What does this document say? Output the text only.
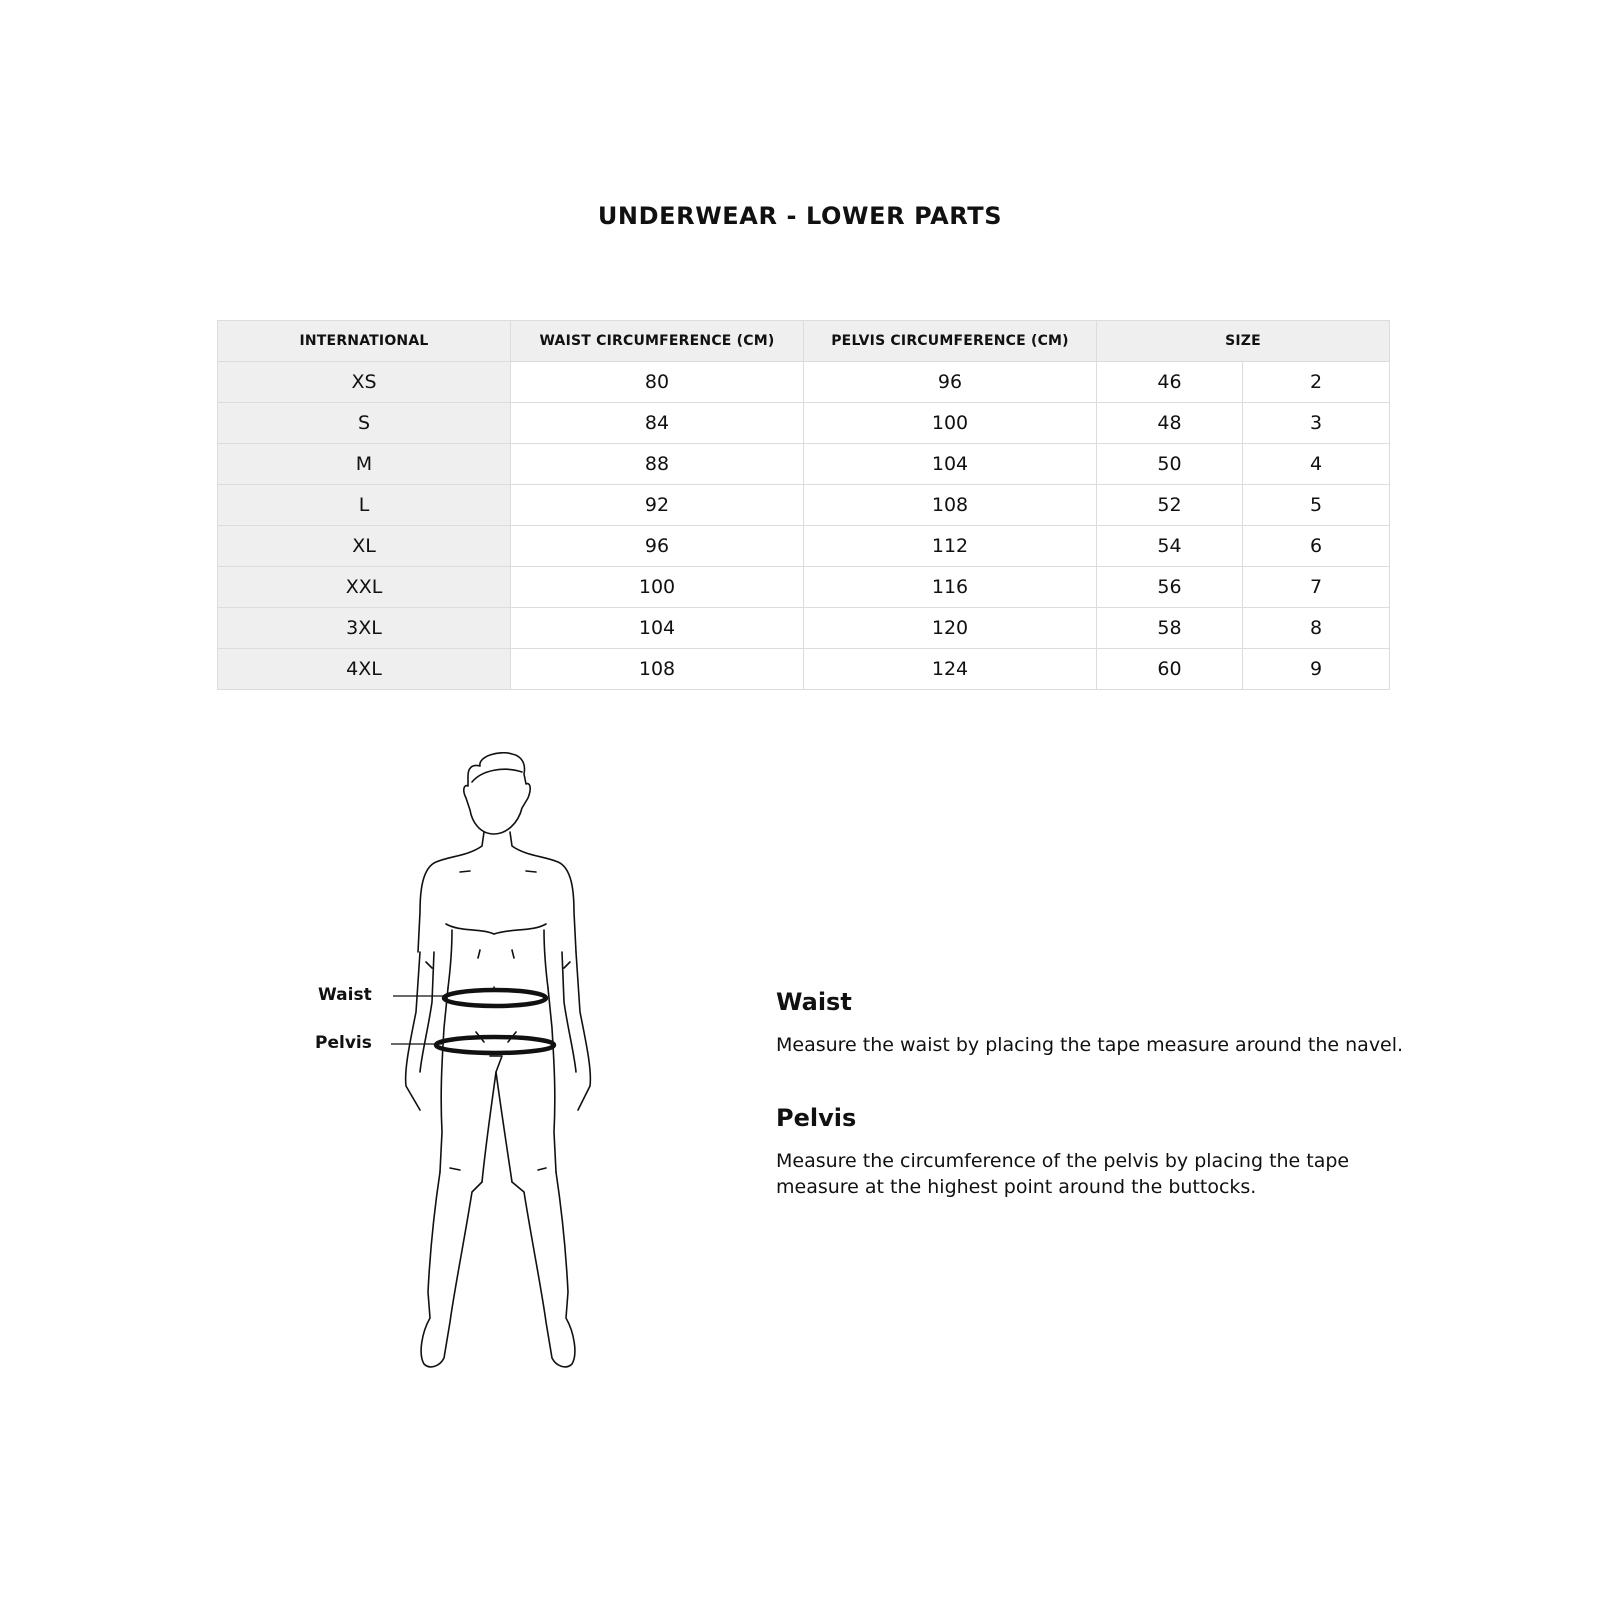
UNDERWEAR - LOWER PARTS
INTERNATIONAL	WAIST CIRCUMFERENCE (CM)	PELVIS CIRCUMFERENCE (CM)	SIZE	
XS	80	96	46	2
S	84	100	48	3
M	88	104	50	4
L	92	108	52	5
XL	96	112	54	6
XXL	100	116	56	7
3XL	104	120	58	8
4XL	108	124	60	9
Waist
Pelvis
Waist

Measure the waist by placing the tape measure around the navel.

Pelvis

Measure the circumference of the pelvis by placing the tape measure at the highest point around the buttocks.
